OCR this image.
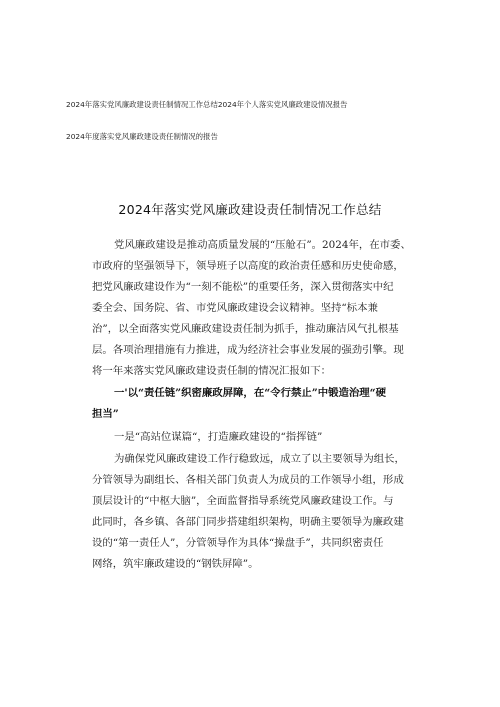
2024年落实党风廉政建设责任制情况工作总结2024年个人落实党风廉政建设情况报告
2024年度落实党风廉政建设责任制情况的报告
2024年落实党风廉政建设责任制情况工作总结
党风廉政建设是推动高质量发展的“压舱石”。2024年，在市委、
市政府的坚强领导下，领导班子以高度的政治责任感和历史使命感，
把党风廉政建设作为“一刻不能松”的重要任务，深入贯彻落实中纪
委全会、国务院、省、市党风廉政建设会议精神。坚持“标本兼
治”，以全面落实党风廉政建设责任制为抓手，推动廉洁风气扎根基
层。各项治理措施有力推进，成为经济社会事业发展的强劲引擎。现
将一年来落实党风廉政建设责任制的情况汇报如下：
一'以“责任链”织密廉政屏障，在“令行禁止”中锻造治理“硬
担当”
一是“高站位谋篇“，打造廉政建设的“指挥链”
为确保党风廉政建设工作行稳致远，成立了以主要领导为组长，
分管领导为副组长、各相关部门负责人为成员的工作领导小组，形成
顶层设计的“中枢大脑”，全面监督指导系统党风廉政建设工作。与
此同时，各乡镇、各部门同步搭建组织架构，明确主要领导为廉政建
设的“第一责任人”，分管领导作为具体“操盘手”，共同织密责任
网络，筑牢廉政建设的“钢铁屏障”。
